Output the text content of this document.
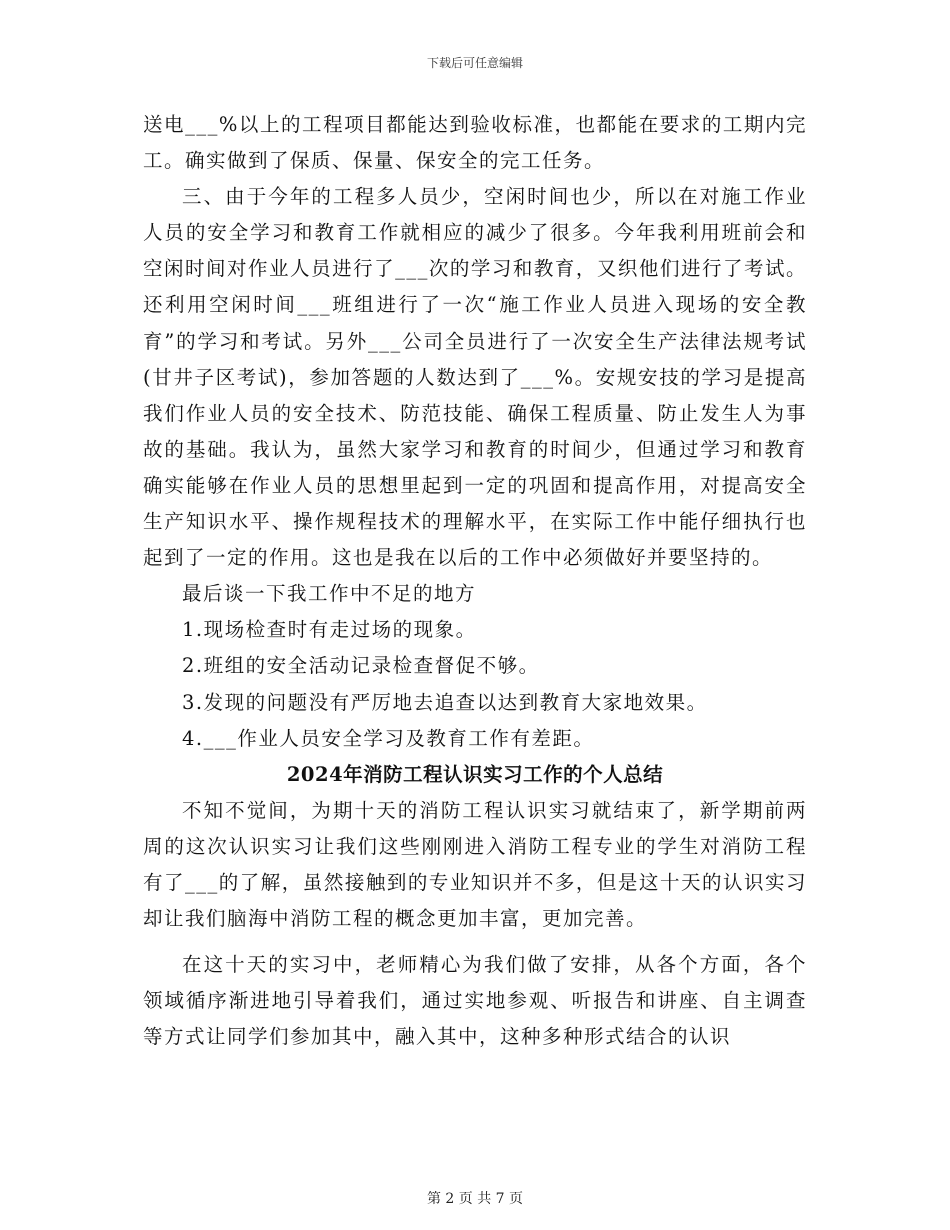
下载后可任意编辑

送电___%以上的工程项目都能达到验收标准，也都能在要求的工期内完工。确实做到了保质、保量、保安全的完工任务。

三、由于今年的工程多人员少，空闲时间也少，所以在对施工作业人员的安全学习和教育工作就相应的减少了很多。今年我利用班前会和空闲时间对作业人员进行了___次的学习和教育，又织他们进行了考试。还利用空闲时间___班组进行了一次“施工作业人员进入现场的安全教育”的学习和考试。另外___公司全员进行了一次安全生产法律法规考试(甘井子区考试)，参加答题的人数达到了___%。安规安技的学习是提高我们作业人员的安全技术、防范技能、确保工程质量、防止发生人为事故的基础。我认为，虽然大家学习和教育的时间少，但通过学习和教育确实能够在作业人员的思想里起到一定的巩固和提高作用，对提高安全生产知识水平、操作规程技术的理解水平，在实际工作中能仔细执行也起到了一定的作用。这也是我在以后的工作中必须做好并要坚持的。

最后谈一下我工作中不足的地方

1.现场检查时有走过场的现象。

2.班组的安全活动记录检查督促不够。

3.发现的问题没有严厉地去追查以达到教育大家地效果。

4.___作业人员安全学习及教育工作有差距。

2024年消防工程认识实习工作的个人总结

不知不觉间，为期十天的消防工程认识实习就结束了，新学期前两周的这次认识实习让我们这些刚刚进入消防工程专业的学生对消防工程有了___的了解，虽然接触到的专业知识并不多，但是这十天的认识实习却让我们脑海中消防工程的概念更加丰富，更加完善。

在这十天的实习中，老师精心为我们做了安排，从各个方面，各个领域循序渐进地引导着我们，通过实地参观、听报告和讲座、自主调查等方式让同学们参加其中，融入其中，这种多种形式结合的认识

第 2 页 共 7 页
